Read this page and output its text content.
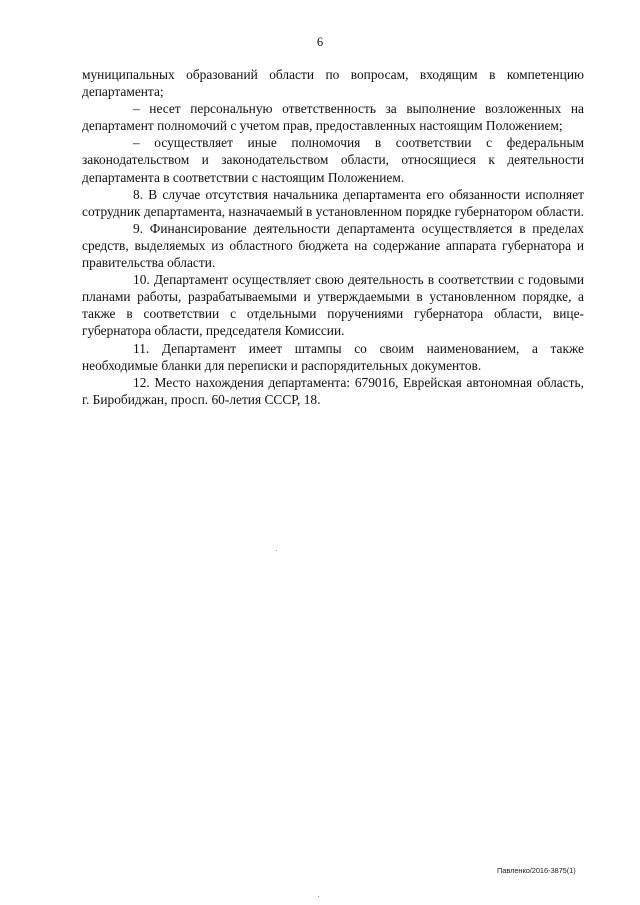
6

муниципальных образований области по вопросам, входящим в компетенцию департамента;

– несет персональную ответственность за выполнение возложенных на департамент полномочий с учетом прав, предоставленных настоящим Положением;

– осуществляет иные полномочия в соответствии с федеральным законодательством и законодательством области, относящиеся к деятельности департамента в соответствии с настоящим Положением.

8. В случае отсутствия начальника департамента его обязанности исполняет сотрудник департамента, назначаемый в установленном порядке губернатором области.

9. Финансирование деятельности департамента осуществляется в пределах средств, выделяемых из областного бюджета на содержание аппарата губернатора и правительства области.

10. Департамент осуществляет свою деятельность в соответствии с годовыми планами работы, разрабатываемыми и утверждаемыми в установленном порядке, а также в соответствии с отдельными поручениями губернатора области, вице-губернатора области, председателя Комиссии.

11. Департамент имеет штампы со своим наименованием, а также необходимые бланки для переписки и распорядительных документов.

12. Место нахождения департамента: 679016, Еврейская автономная область, г. Биробиджан, просп. 60-летия СССР, 18.

Павленко/2016-3875(1)
